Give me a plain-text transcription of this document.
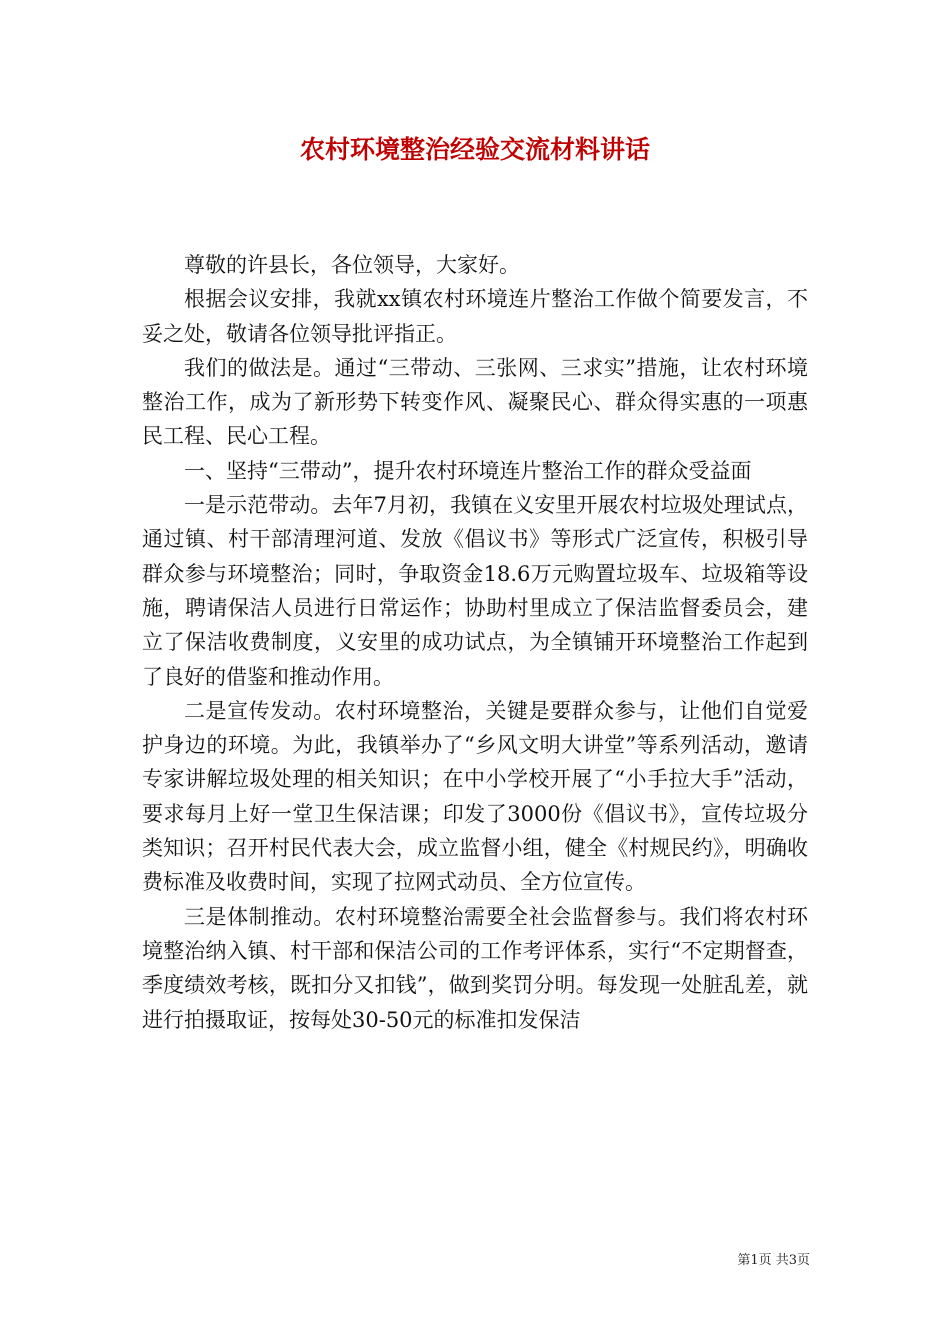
农村环境整治经验交流材料讲话

尊敬的许县长，各位领导，大家好。

根据会议安排，我就xx镇农村环境连片整治工作做个简要发言，不妥之处，敬请各位领导批评指正。

我们的做法是。通过“三带动、三张网、三求实”措施，让农村环境整治工作，成为了新形势下转变作风、凝聚民心、群众得实惠的一项惠民工程、民心工程。

一、坚持“三带动”，提升农村环境连片整治工作的群众受益面

一是示范带动。去年7月初，我镇在义安里开展农村垃圾处理试点，通过镇、村干部清理河道、发放《倡议书》等形式广泛宣传，积极引导群众参与环境整治；同时，争取资金18.6万元购置垃圾车、垃圾箱等设施，聘请保洁人员进行日常运作；协助村里成立了保洁监督委员会，建立了保洁收费制度，义安里的成功试点，为全镇铺开环境整治工作起到了良好的借鉴和推动作用。

二是宣传发动。农村环境整治，关键是要群众参与，让他们自觉爱护身边的环境。为此，我镇举办了“乡风文明大讲堂”等系列活动，邀请专家讲解垃圾处理的相关知识；在中小学校开展了“小手拉大手”活动，要求每月上好一堂卫生保洁课；印发了3000份《倡议书》，宣传垃圾分类知识；召开村民代表大会，成立监督小组，健全《村规民约》，明确收费标准及收费时间，实现了拉网式动员、全方位宣传。

三是体制推动。农村环境整治需要全社会监督参与。我们将农村环境整治纳入镇、村干部和保洁公司的工作考评体系，实行“不定期督查，季度绩效考核，既扣分又扣钱”，做到奖罚分明。每发现一处脏乱差，就进行拍摄取证，按每处30-50元的标准扣发保洁

第1页 共3页
